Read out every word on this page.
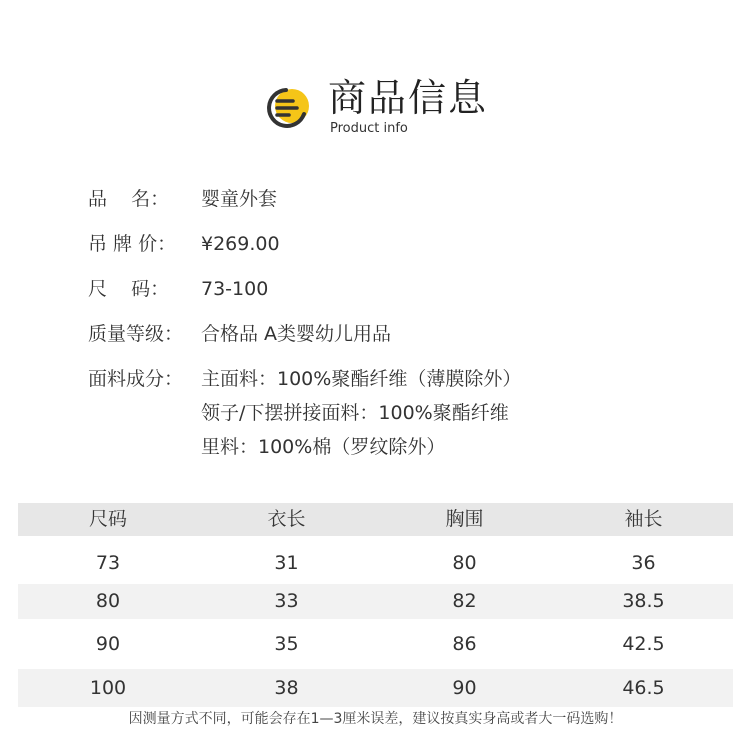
商品信息
Product info
品    名：	婴童外套
吊 牌 价：	¥269.00
尺    码：	73-100
质量等级： 合格品 A类婴幼儿用品
面料成分： 主面料：100%聚酯纤维（薄膜除外）
领子/下摆拼接面料：100%聚酯纤维
里料：100%棉（罗纹除外）
尺码	衣长	胸围	袖长
73	31	80	36
80	33	82	38.5
90	35	86	42.5
100	38	90	46.5
因测量方式不同，可能会存在1—3厘米误差，建议按真实身高或者大一码选购！
